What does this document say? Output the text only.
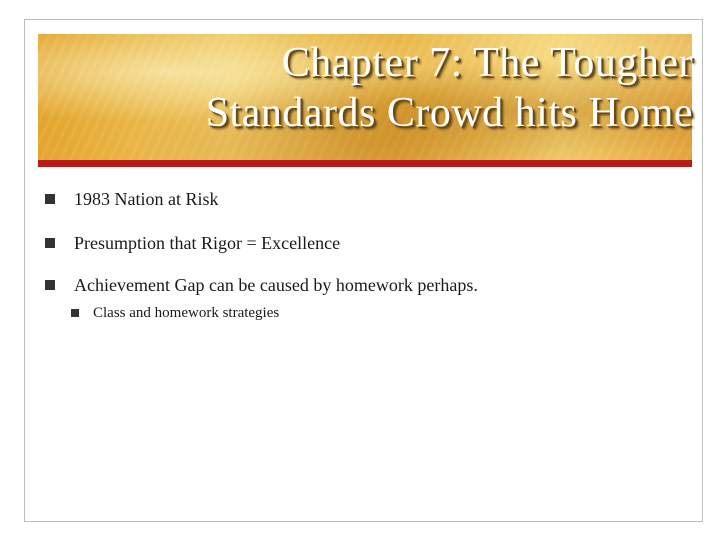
Chapter 7: The Tougher
Standards Crowd hits Home
1983 Nation at Risk
Presumption that Rigor = Excellence
Achievement Gap can be caused by homework perhaps.
Class and homework strategies
